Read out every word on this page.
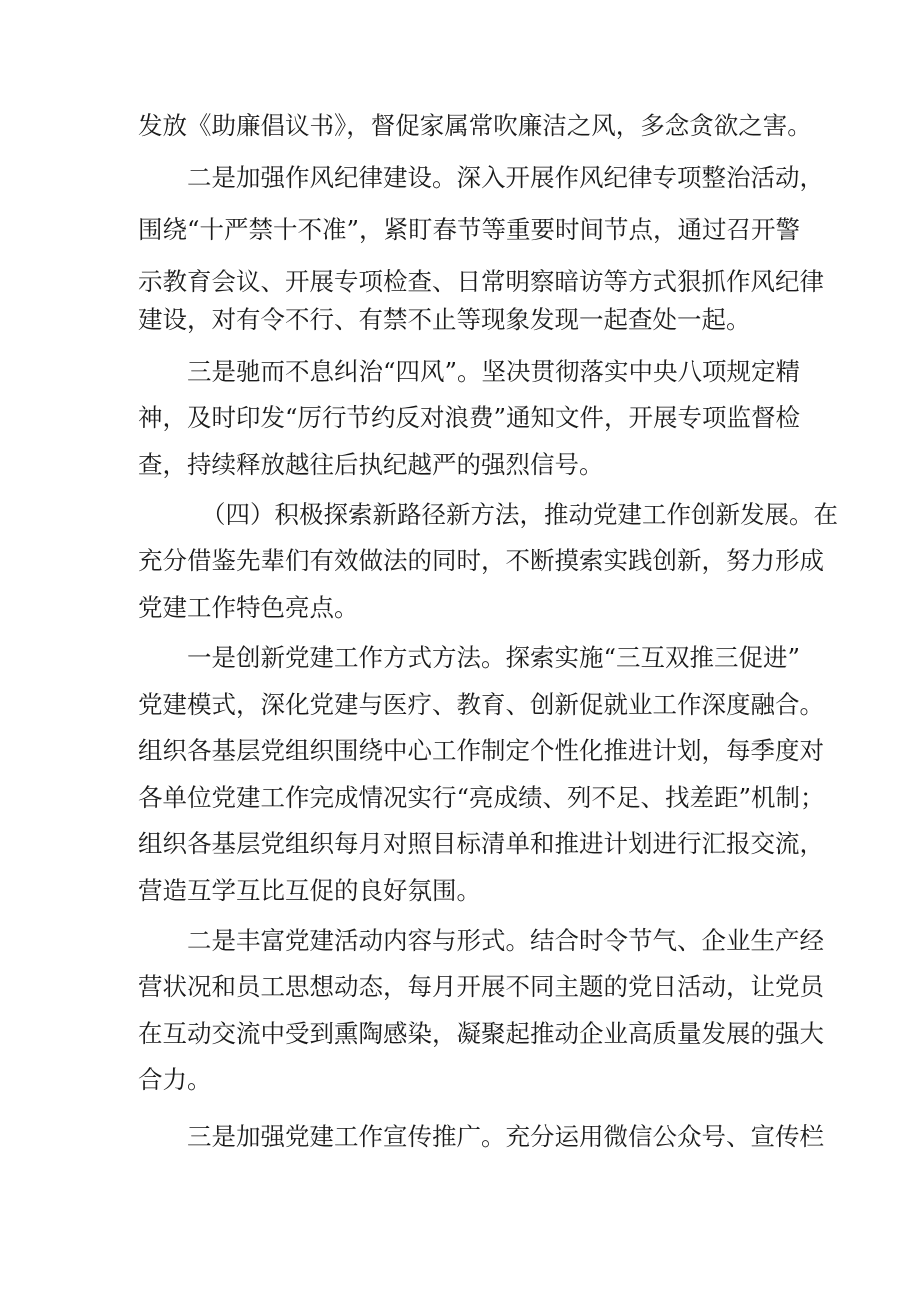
发放《助廉倡议书》，督促家属常吹廉洁之风，多念贪欲之害。
二是加强作风纪律建设。深入开展作风纪律专项整治活动，
围绕“十严禁十不准”，紧盯春节等重要时间节点，通过召开警
示教育会议、开展专项检查、日常明察暗访等方式狠抓作风纪律
建设，对有令不行、有禁不止等现象发现一起查处一起。
三是驰而不息纠治“四风”。坚决贯彻落实中央八项规定精
神，及时印发“厉行节约反对浪费”通知文件，开展专项监督检
查，持续释放越往后执纪越严的强烈信号。
（四）积极探索新路径新方法，推动党建工作创新发展。在
充分借鉴先辈们有效做法的同时，不断摸索实践创新，努力形成
党建工作特色亮点。
一是创新党建工作方式方法。探索实施“三互双推三促进”
党建模式，深化党建与医疗、教育、创新促就业工作深度融合。
组织各基层党组织围绕中心工作制定个性化推进计划，每季度对
各单位党建工作完成情况实行“亮成绩、列不足、找差距”机制；
组织各基层党组织每月对照目标清单和推进计划进行汇报交流，
营造互学互比互促的良好氛围。
二是丰富党建活动内容与形式。结合时令节气、企业生产经
营状况和员工思想动态，每月开展不同主题的党日活动，让党员
在互动交流中受到熏陶感染，凝聚起推动企业高质量发展的强大
合力。
三是加强党建工作宣传推广。充分运用微信公众号、宣传栏
